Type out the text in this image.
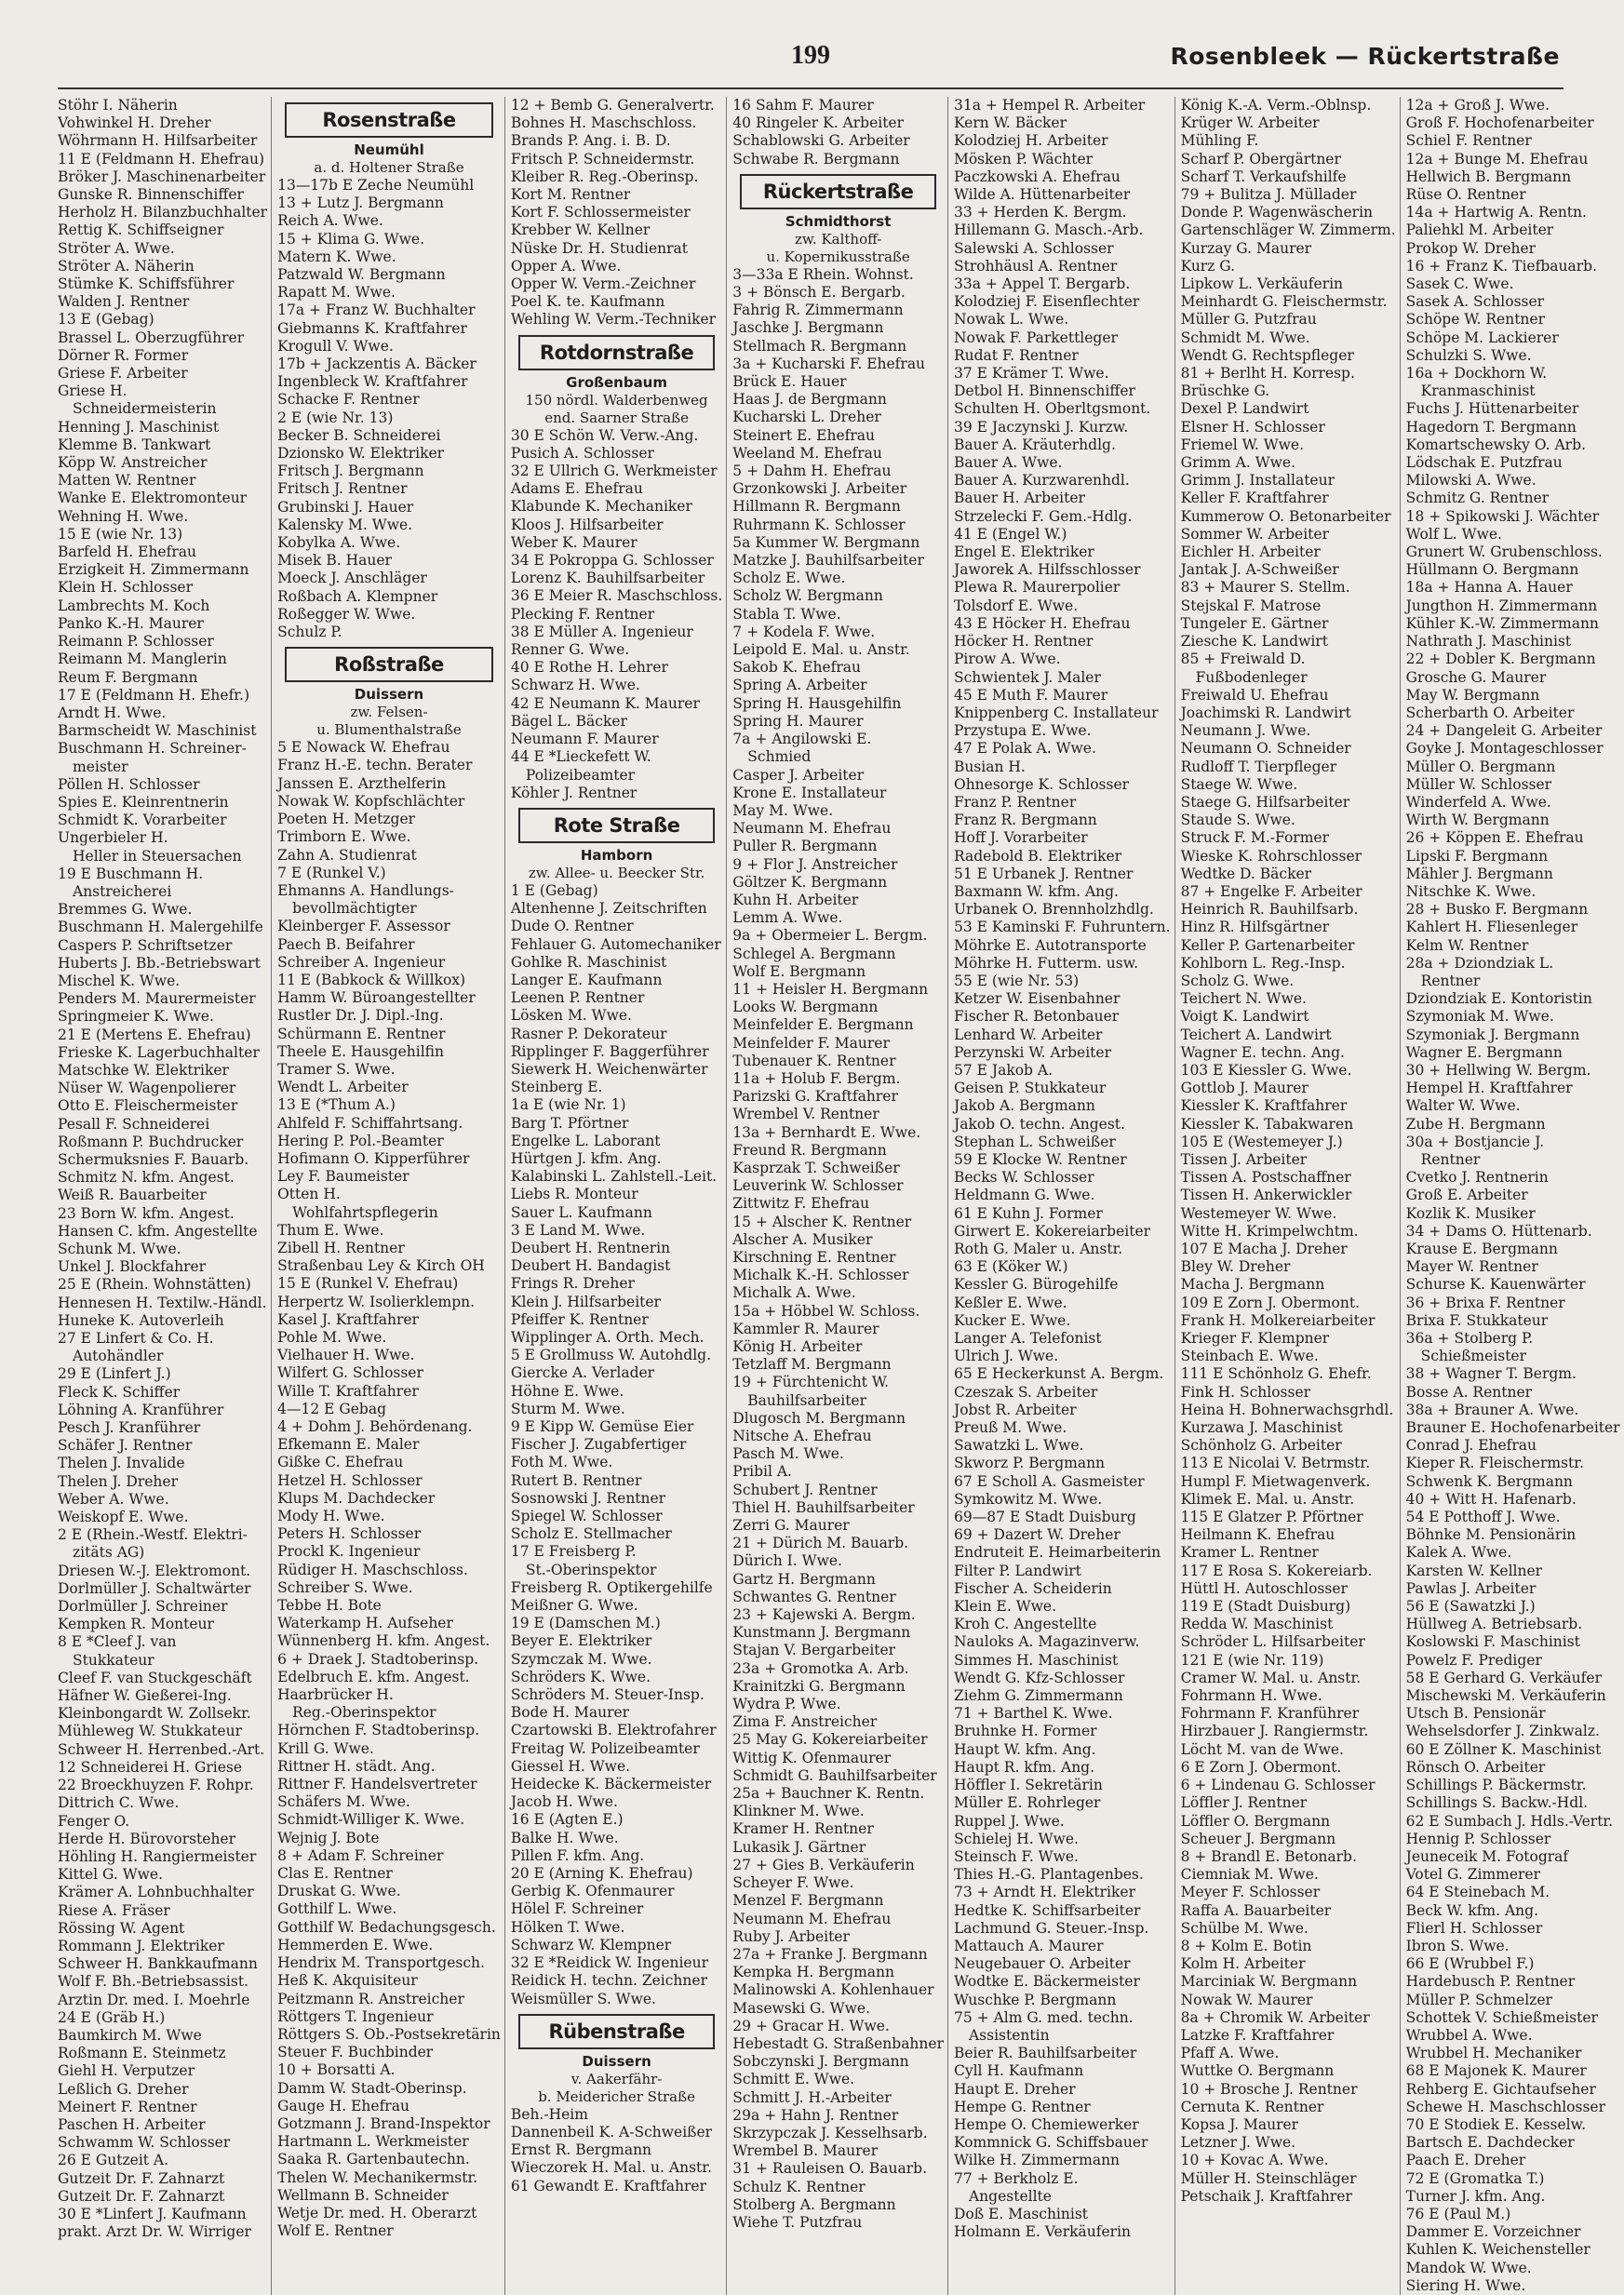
199	Rosenbleek — Rückertstraße
Stöhr I. Näherin
Vohwinkel H. Dreher
Wöhrmann H. Hilfsarbeiter
11 E (Feldmann H. Ehefrau)
Bröker J. Maschinenarbeiter
Gunske R. Binnenschiffer
Herholz H. Bilanzbuchhalter
Rettig K. Schiffseigner
Ströter A. Wwe.
Ströter A. Näherin
Stümke K. Schiffsführer
Walden J. Rentner
13 E (Gebag)
Brassel L. Oberzugführer
Dörner R. Former
Griese F. Arbeiter
Griese H.
Schneidermeisterin
Henning J. Maschinist
Klemme B. Tankwart
Köpp W. Anstreicher
Matten W. Rentner
Wanke E. Elektromonteur
Wehning H. Wwe.
15 E (wie Nr. 13)
Barfeld H. Ehefrau
Erzigkeit H. Zimmermann
Klein H. Schlosser
Lambrechts M. Koch
Panko K.-H. Maurer
Reimann P. Schlosser
Reimann M. Manglerin
Reum F. Bergmann
17 E (Feldmann H. Ehefr.)
Arndt H. Wwe.
Barmscheidt W. Maschinist
Buschmann H. Schreiner-
meister
Pöllen H. Schlosser
Spies E. Kleinrentnerin
Schmidt K. Vorarbeiter
Ungerbieler H.
Heller in Steuersachen
19 E Buschmann H.
Anstreicherei
Bremmes G. Wwe.
Buschmann H. Malergehilfe
Caspers P. Schriftsetzer
Huberts J. Bb.-Betriebswart
Mischel K. Wwe.
Penders M. Maurermeister
Springmeier K. Wwe.
21 E (Mertens E. Ehefrau)
Frieske K. Lagerbuchhalter
Matschke W. Elektriker
Nüser W. Wagenpolierer
Otto E. Fleischermeister
Pesall F. Schneiderei
Roßmann P. Buchdrucker
Schermuksnies F. Bauarb.
Schmitz N. kfm. Angest.
Weiß R. Bauarbeiter
23 Born W. kfm. Angest.
Hansen C. kfm. Angestellte
Schunk M. Wwe.
Unkel J. Blockfahrer
25 E (Rhein. Wohnstätten)
Hennesen H. Textilw.-Händl.
Huneke K. Autoverleih
27 E Linfert & Co. H.
Autohändler
29 E (Linfert J.)
Fleck K. Schiffer
Löhning A. Kranführer
Pesch J. Kranführer
Schäfer J. Rentner
Thelen J. Invalide
Thelen J. Dreher
Weber A. Wwe.
Weiskopf E. Wwe.
2 E (Rhein.-Westf. Elektri-
zitäts AG)
Driesen W.-J. Elektromont.
Dorlmüller J. Schaltwärter
Dorlmüller J. Schreiner
Kempken R. Monteur
8 E *Cleef J. van
Stukkateur
Cleef F. van Stuckgeschäft
Häfner W. Gießerei-Ing.
Kleinbongardt W. Zollsekr.
Mühleweg W. Stukkateur
Schweer H. Herrenbed.-Art.
12 Schneiderei H. Griese
22 Broeckhuyzen F. Rohpr.
Dittrich C. Wwe.
Fenger O.
Herde H. Bürovorsteher
Höhling H. Rangiermeister
Kittel G. Wwe.
Krämer A. Lohnbuchhalter
Riese A. Fräser
Rössing W. Agent
Rommann J. Elektriker
Schweer H. Bankkaufmann
Wolf F. Bh.-Betriebsassist.
Arztin Dr. med. I. Moehrle
24 E (Gräb H.)
Baumkirch M. Wwe
Roßmann E. Steinmetz
Giehl H. Verputzer
Leßlich G. Dreher
Meinert F. Rentner
Paschen H. Arbeiter
Schwamm W. Schlosser
26 E Gutzeit A.
Gutzeit Dr. F. Zahnarzt
Gutzeit Dr. F. Zahnarzt
30 E *Linfert J. Kaufmann
prakt. Arzt Dr. W. Wirriger
Rosenstraße
Neumühl
a. d. Holtener Straße
13—17b E Zeche Neumühl
13 + Lutz J. Bergmann
Reich A. Wwe.
15 + Klima G. Wwe.
Matern K. Wwe.
Patzwald W. Bergmann
Rapatt M. Wwe.
17a + Franz W. Buchhalter
Giebmanns K. Kraftfahrer
Krogull V. Wwe.
17b + Jackzentis A. Bäcker
Ingenbleck W. Kraftfahrer
Schacke F. Rentner
2 E (wie Nr. 13)
Becker B. Schneiderei
Dzionsko W. Elektriker
Fritsch J. Bergmann
Fritsch J. Rentner
Grubinski J. Hauer
Kalensky M. Wwe.
Kobylka A. Wwe.
Misek B. Hauer
Moeck J. Anschläger
Roßbach A. Klempner
Roßegger W. Wwe.
Schulz P.
Roßstraße
Duissern
zw. Felsen-
u. Blumenthalstraße
5 E Nowack W. Ehefrau
Franz H.-E. techn. Berater
Janssen E. Arzthelferin
Nowak W. Kopfschlächter
Poeten H. Metzger
Trimborn E. Wwe.
Zahn A. Studienrat
7 E (Runkel V.)
Ehmanns A. Handlungs-
bevollmächtigter
Kleinberger F. Assessor
Paech B. Beifahrer
Schreiber A. Ingenieur
11 E (Babkock & Willkox)
Hamm W. Büroangestellter
Rustler Dr. J. Dipl.-Ing.
Schürmann E. Rentner
Theele E. Hausgehilfin
Tramer S. Wwe.
Wendt L. Arbeiter
13 E (*Thum A.)
Ahlfeld F. Schiffahrtsang.
Hering P. Pol.-Beamter
Hofimann O. Kipperführer
Ley F. Baumeister
Otten H.
Wohlfahrtspflegerin
Thum E. Wwe.
Zibell H. Rentner
Straßenbau Ley & Kirch OH
15 E (Runkel V. Ehefrau)
Herpertz W. Isolierklempn.
Kasel J. Kraftfahrer
Pohle M. Wwe.
Vielhauer H. Wwe.
Wilfert G. Schlosser
Wille T. Kraftfahrer
4—12 E Gebag
4 + Dohm J. Behördenang.
Efkemann E. Maler
Gißke C. Ehefrau
Hetzel H. Schlosser
Klups M. Dachdecker
Mody H. Wwe.
Peters H. Schlosser
Prockl K. Ingenieur
Rüdiger H. Maschschloss.
Schreiber S. Wwe.
Tebbe H. Bote
Waterkamp H. Aufseher
Wünnenberg H. kfm. Angest.
6 + Draek J. Stadtoberinsp.
Edelbruch E. kfm. Angest.
Haarbrücker H.
Reg.-Oberinspektor
Hörnchen F. Stadtoberinsp.
Krill G. Wwe.
Rittner H. städt. Ang.
Rittner F. Handelsvertreter
Schäfers M. Wwe.
Schmidt-Williger K. Wwe.
Wejnig J. Bote
8 + Adam F. Schreiner
Clas E. Rentner
Druskat G. Wwe.
Gotthilf L. Wwe.
Gotthilf W. Bedachungsgesch.
Hemmerden E. Wwe.
Hendrix M. Transportgesch.
Heß K. Akquisiteur
Peitzmann R. Anstreicher
Röttgers T. Ingenieur
Röttgers S. Ob.-Postsekretärin
Steuer F. Buchbinder
10 + Borsatti A.
Damm W. Stadt-Oberinsp.
Gauge H. Ehefrau
Gotzmann J. Brand-Inspektor
Hartmann L. Werkmeister
Saaka R. Gartenbautechn.
Thelen W. Mechanikermstr.
Wellmann B. Schneider
Wetje Dr. med. H. Oberarzt
Wolf E. Rentner
12 + Bemb G. Generalvertr.
Bohnes H. Maschschloss.
Brands P. Ang. i. B. D.
Fritsch P. Schneidermstr.
Kleiber R. Reg.-Oberinsp.
Kort M. Rentner
Kort F. Schlossermeister
Krebber W. Kellner
Nüske Dr. H. Studienrat
Opper A. Wwe.
Opper W. Verm.-Zeichner
Poel K. te. Kaufmann
Wehling W. Verm.-Techniker
Rotdornstraße
Großenbaum
150 nördl. Walderbenweg
end. Saarner Straße
30 E Schön W. Verw.-Ang.
Pusich A. Schlosser
32 E Ullrich G. Werkmeister
Adams E. Ehefrau
Klabunde K. Mechaniker
Kloos J. Hilfsarbeiter
Weber K. Maurer
34 E Pokroppa G. Schlosser
Lorenz K. Bauhilfsarbeiter
36 E Meier R. Maschschloss.
Plecking F. Rentner
38 E Müller A. Ingenieur
Renner G. Wwe.
40 E Rothe H. Lehrer
Schwarz H. Wwe.
42 E Neumann K. Maurer
Bägel L. Bäcker
Neumann F. Maurer
44 E *Lieckefett W.
Polizeibeamter
Köhler J. Rentner
Rote Straße
Hamborn
zw. Allee- u. Beecker Str.
1 E (Gebag)
Altenhenne J. Zeitschriften
Dude O. Rentner
Fehlauer G. Automechaniker
Gohlke R. Maschinist
Langer E. Kaufmann
Leenen P. Rentner
Lösken M. Wwe.
Rasner P. Dekorateur
Ripplinger F. Baggerführer
Siewerk H. Weichenwärter
Steinberg E.
1a E (wie Nr. 1)
Barg T. Pförtner
Engelke L. Laborant
Hürtgen J. kfm. Ang.
Kalabinski L. Zahlstell.-Leit.
Liebs R. Monteur
Sauer L. Kaufmann
3 E Land M. Wwe.
Deubert H. Rentnerin
Deubert H. Bandagist
Frings R. Dreher
Klein J. Hilfsarbeiter
Pfeiffer K. Rentner
Wipplinger A. Orth. Mech.
5 E Grollmuss W. Autohdlg.
Giercke A. Verlader
Höhne E. Wwe.
Sturm M. Wwe.
9 E Kipp W. Gemüse Eier
Fischer J. Zugabfertiger
Foth M. Wwe.
Rutert B. Rentner
Sosnowski J. Rentner
Spiegel W. Schlosser
Scholz E. Stellmacher
17 E Freisberg P.
St.-Oberinspektor
Freisberg R. Optikergehilfe
Meißner G. Wwe.
19 E (Damschen M.)
Beyer E. Elektriker
Szymczak M. Wwe.
Schröders K. Wwe.
Schröders M. Steuer-Insp.
Bode H. Maurer
Czartowski B. Elektrofahrer
Freitag W. Polizeibeamter
Giessel H. Wwe.
Heidecke K. Bäckermeister
Jacob H. Wwe.
16 E (Agten E.)
Balke H. Wwe.
Pillen F. kfm. Ang.
20 E (Arning K. Ehefrau)
Gerbig K. Ofenmaurer
Hölel F. Schreiner
Hölken T. Wwe.
Schwarz W. Klempner
32 E *Reidick W. Ingenieur
Reidick H. techn. Zeichner
Weismüller S. Wwe.
Rübenstraße
Duissern
v. Aakerfähr-
b. Meidericher Straße
Beh.-Heim
Dannenbeil K. A-Schweißer
Ernst R. Bergmann
Wieczorek H. Mal. u. Anstr.
61 Gewandt E. Kraftfahrer
16 Sahm F. Maurer
40 Ringeler K. Arbeiter
Schablowski G. Arbeiter
Schwabe R. Bergmann
Rückertstraße
Schmidthorst
zw. Kalthoff-
u. Kopernikusstraße
3—33a E Rhein. Wohnst.
3 + Bönsch E. Bergarb.
Fahrig R. Zimmermann
Jaschke J. Bergmann
Stellmach R. Bergmann
3a + Kucharski F. Ehefrau
Brück E. Hauer
Haas J. de Bergmann
Kucharski L. Dreher
Steinert E. Ehefrau
Weeland M. Ehefrau
5 + Dahm H. Ehefrau
Grzonkowski J. Arbeiter
Hillmann R. Bergmann
Ruhrmann K. Schlosser
5a Kummer W. Bergmann
Matzke J. Bauhilfsarbeiter
Scholz E. Wwe.
Scholz W. Bergmann
Stabla T. Wwe.
7 + Kodela F. Wwe.
Leipold E. Mal. u. Anstr.
Sakob K. Ehefrau
Spring A. Arbeiter
Spring H. Hausgehilfin
Spring H. Maurer
7a + Angilowski E.
Schmied
Casper J. Arbeiter
Krone E. Installateur
May M. Wwe.
Neumann M. Ehefrau
Puller R. Bergmann
9 + Flor J. Anstreicher
Göltzer K. Bergmann
Kuhn H. Arbeiter
Lemm A. Wwe.
9a + Obermeier L. Bergm.
Schlegel A. Bergmann
Wolf E. Bergmann
11 + Heisler H. Bergmann
Looks W. Bergmann
Meinfelder E. Bergmann
Meinfelder F. Maurer
Tubenauer K. Rentner
11a + Holub F. Bergm.
Parizski G. Kraftfahrer
Wrembel V. Rentner
13a + Bernhardt E. Wwe.
Freund R. Bergmann
Kasprzak T. Schweißer
Leuverink W. Schlosser
Zittwitz F. Ehefrau
15 + Alscher K. Rentner
Alscher A. Musiker
Kirschning E. Rentner
Michalk K.-H. Schlosser
Michalk A. Wwe.
15a + Höbbel W. Schloss.
Kammler R. Maurer
König H. Arbeiter
Tetzlaff M. Bergmann
19 + Fürchtenicht W.
Bauhilfsarbeiter
Dlugosch M. Bergmann
Nitsche A. Ehefrau
Pasch M. Wwe.
Pribil A.
Schubert J. Rentner
Thiel H. Bauhilfsarbeiter
Zerri G. Maurer
21 + Dürich M. Bauarb.
Dürich I. Wwe.
Gartz H. Bergmann
Schwantes G. Rentner
23 + Kajewski A. Bergm.
Kunstmann J. Bergmann
Stajan V. Bergarbeiter
23a + Gromotka A. Arb.
Krainitzki G. Bergmann
Wydra P. Wwe.
Zima F. Anstreicher
25 May G. Kokereiarbeiter
Wittig K. Ofenmaurer
Schmidt G. Bauhilfsarbeiter
25a + Bauchner K. Rentn.
Klinkner M. Wwe.
Kramer H. Rentner
Lukasik J. Gärtner
27 + Gies B. Verkäuferin
Scheyer F. Wwe.
Menzel F. Bergmann
Neumann M. Ehefrau
Ruby J. Arbeiter
27a + Franke J. Bergmann
Kempka H. Bergmann
Malinowski A. Kohlenhauer
Masewski G. Wwe.
29 + Gracar H. Wwe.
Hebestadt G. Straßenbahner
Sobczynski J. Bergmann
Schmitt E. Wwe.
Schmitt J. H.-Arbeiter
29a + Hahn J. Rentner
Skrzypczak J. Kesselhsarb.
Wrembel B. Maurer
31 + Rauleisen O. Bauarb.
Schulz K. Rentner
Stolberg A. Bergmann
Wiehe T. Putzfrau
31a + Hempel R. Arbeiter
Kern W. Bäcker
Kolodziej H. Arbeiter
Mösken P. Wächter
Paczkowski A. Ehefrau
Wilde A. Hüttenarbeiter
33 + Herden K. Bergm.
Hillemann G. Masch.-Arb.
Salewski A. Schlosser
Strohhäusl A. Rentner
33a + Appel T. Bergarb.
Kolodziej F. Eisenflechter
Nowak L. Wwe.
Nowak F. Parkettleger
Rudat F. Rentner
37 E Krämer T. Wwe.
Detbol H. Binnenschiffer
Schulten H. Oberltgsmont.
39 E Jaczynski J. Kurzw.
Bauer A. Kräuterhdlg.
Bauer A. Wwe.
Bauer A. Kurzwarenhdl.
Bauer H. Arbeiter
Strzelecki F. Gem.-Hdlg.
41 E (Engel W.)
Engel E. Elektriker
Jaworek A. Hilfsschlosser
Plewa R. Maurerpolier
Tolsdorf E. Wwe.
43 E Höcker H. Ehefrau
Höcker H. Rentner
Pirow A. Wwe.
Schwientek J. Maler
45 E Muth F. Maurer
Knippenberg C. Installateur
Przystupa E. Wwe.
47 E Polak A. Wwe.
Busian H.
Ohnesorge K. Schlosser
Franz P. Rentner
Franz R. Bergmann
Hoff J. Vorarbeiter
Radebold B. Elektriker
51 E Urbanek J. Rentner
Baxmann W. kfm. Ang.
Urbanek O. Brennholzhdlg.
53 E Kaminski F. Fuhruntern.
Möhrke E. Autotransporte
Möhrke H. Futterm. usw.
55 E (wie Nr. 53)
Ketzer W. Eisenbahner
Fischer R. Betonbauer
Lenhard W. Arbeiter
Perzynski W. Arbeiter
57 E Jakob A.
Geisen P. Stukkateur
Jakob A. Bergmann
Jakob O. techn. Angest.
Stephan L. Schweißer
59 E Klocke W. Rentner
Becks W. Schlosser
Heldmann G. Wwe.
61 E Kuhn J. Former
Girwert E. Kokereiarbeiter
Roth G. Maler u. Anstr.
63 E (Köker W.)
Kessler G. Bürogehilfe
Keßler E. Wwe.
Kucker E. Wwe.
Langer A. Telefonist
Ulrich J. Wwe.
65 E Heckerkunst A. Bergm.
Czeszak S. Arbeiter
Jobst R. Arbeiter
Preuß M. Wwe.
Sawatzki L. Wwe.
Skworz P. Bergmann
67 E Scholl A. Gasmeister
Symkowitz M. Wwe.
69—87 E Stadt Duisburg
69 + Dazert W. Dreher
Endruteit E. Heimarbeiterin
Filter P. Landwirt
Fischer A. Scheiderin
Klein E. Wwe.
Kroh C. Angestellte
Nauloks A. Magazinverw.
Simmes H. Maschinist
Wendt G. Kfz-Schlosser
Ziehm G. Zimmermann
71 + Barthel K. Wwe.
Bruhnke H. Former
Haupt W. kfm. Ang.
Haupt R. kfm. Ang.
Höffler I. Sekretärin
Müller E. Rohrleger
Ruppel J. Wwe.
Schielej H. Wwe.
Steinsch F. Wwe.
Thies H.-G. Plantagenbes.
73 + Arndt H. Elektriker
Hedtke K. Schiffsarbeiter
Lachmund G. Steuer.-Insp.
Mattauch A. Maurer
Neugebauer O. Arbeiter
Wodtke E. Bäckermeister
Wuschke P. Bergmann
75 + Alm G. med. techn.
Assistentin
Beier R. Bauhilfsarbeiter
Cyll H. Kaufmann
Haupt E. Dreher
Hempe G. Rentner
Hempe O. Chemiewerker
Kommnick G. Schiffsbauer
Wilke H. Zimmermann
77 + Berkholz E.
Angestellte
Doß E. Maschinist
Holmann E. Verkäuferin
König K.-A. Verm.-Oblnsp.
Krüger W. Arbeiter
Mühling F.
Scharf P. Obergärtner
Scharf T. Verkaufshilfe
79 + Bulitza J. Müllader
Donde P. Wagenwäscherin
Gartenschläger W. Zimmerm.
Kurzay G. Maurer
Kurz G.
Lipkow L. Verkäuferin
Meinhardt G. Fleischermstr.
Müller G. Putzfrau
Schmidt M. Wwe.
Wendt G. Rechtspfleger
81 + Berlht H. Korresp.
Brüschke G.
Dexel P. Landwirt
Elsner H. Schlosser
Friemel W. Wwe.
Grimm A. Wwe.
Grimm J. Installateur
Keller F. Kraftfahrer
Kummerow O. Betonarbeiter
Sommer W. Arbeiter
Eichler H. Arbeiter
Jantak J. A-Schweißer
83 + Maurer S. Stellm.
Stejskal F. Matrose
Tungeler E. Gärtner
Ziesche K. Landwirt
85 + Freiwald D.
Fußbodenleger
Freiwald U. Ehefrau
Joachimski R. Landwirt
Neumann J. Wwe.
Neumann O. Schneider
Rudloff T. Tierpfleger
Staege W. Wwe.
Staege G. Hilfsarbeiter
Staude S. Wwe.
Struck F. M.-Former
Wieske K. Rohrschlosser
Wedtke D. Bäcker
87 + Engelke F. Arbeiter
Heinrich R. Bauhilfsarb.
Hinz R. Hilfsgärtner
Keller P. Gartenarbeiter
Kohlborn L. Reg.-Insp.
Scholz G. Wwe.
Teichert N. Wwe.
Voigt K. Landwirt
Teichert A. Landwirt
Wagner E. techn. Ang.
103 E Kiessler G. Wwe.
Gottlob J. Maurer
Kiessler K. Kraftfahrer
Kiessler K. Tabakwaren
105 E (Westemeyer J.)
Tissen J. Arbeiter
Tissen A. Postschaffner
Tissen H. Ankerwickler
Westemeyer W. Wwe.
Witte H. Krimpelwchtm.
107 E Macha J. Dreher
Bley W. Dreher
Macha J. Bergmann
109 E Zorn J. Obermont.
Frank H. Molkereiarbeiter
Krieger F. Klempner
Steinbach E. Wwe.
111 E Schönholz G. Ehefr.
Fink H. Schlosser
Heina H. Bohnerwachsgrhdl.
Kurzawa J. Maschinist
Schönholz G. Arbeiter
113 E Nicolai V. Betrmstr.
Humpl F. Mietwagenverk.
Klimek E. Mal. u. Anstr.
115 E Glatzer P. Pförtner
Heilmann K. Ehefrau
Kramer L. Rentner
117 E Rosa S. Kokereiarb.
Hüttl H. Autoschlosser
119 E (Stadt Duisburg)
Redda W. Maschinist
Schröder L. Hilfsarbeiter
121 E (wie Nr. 119)
Cramer W. Mal. u. Anstr.
Fohrmann H. Wwe.
Fohrmann F. Kranführer
Hirzbauer J. Rangiermstr.
Löcht M. van de Wwe.
6 E Zorn J. Obermont.
6 + Lindenau G. Schlosser
Löffler J. Rentner
Löffler O. Bergmann
Scheuer J. Bergmann
8 + Brandl E. Betonarb.
Ciemniak M. Wwe.
Meyer F. Schlosser
Raffa A. Bauarbeiter
Schülbe M. Wwe.
8 + Kolm E. Botin
Kolm H. Arbeiter
Marciniak W. Bergmann
Nowak W. Maurer
8a + Chromik W. Arbeiter
Latzke F. Kraftfahrer
Pfaff A. Wwe.
Wuttke O. Bergmann
10 + Brosche J. Rentner
Cernuta K. Rentner
Kopsa J. Maurer
Letzner J. Wwe.
10 + Kovac A. Wwe.
Müller H. Steinschläger
Petschaik J. Kraftfahrer
12a + Groß J. Wwe.
Groß F. Hochofenarbeiter
Schiel F. Rentner
12a + Bunge M. Ehefrau
Hellwich B. Bergmann
Rüse O. Rentner
14a + Hartwig A. Rentn.
Paliehkl M. Arbeiter
Prokop W. Dreher
16 + Franz K. Tiefbauarb.
Sasek C. Wwe.
Sasek A. Schlosser
Schöpe W. Rentner
Schöpe M. Lackierer
Schulzki S. Wwe.
16a + Dockhorn W.
Kranmaschinist
Fuchs J. Hüttenarbeiter
Hagedorn T. Bergmann
Komartschewsky O. Arb.
Lödschak E. Putzfrau
Milowski A. Wwe.
Schmitz G. Rentner
18 + Spikowski J. Wächter
Wolf L. Wwe.
Grunert W. Grubenschloss.
Hüllmann O. Bergmann
18a + Hanna A. Hauer
Jungthon H. Zimmermann
Kühler K.-W. Zimmermann
Nathrath J. Maschinist
22 + Dobler K. Bergmann
Grosche G. Maurer
May W. Bergmann
Scherbarth O. Arbeiter
24 + Dangeleit G. Arbeiter
Goyke J. Montageschlosser
Müller O. Bergmann
Müller W. Schlosser
Winderfeld A. Wwe.
Wirth W. Bergmann
26 + Köppen E. Ehefrau
Lipski F. Bergmann
Mähler J. Bergmann
Nitschke K. Wwe.
28 + Busko F. Bergmann
Kahlert H. Fliesenleger
Kelm W. Rentner
28a + Dziondziak L.
Rentner
Dziondziak E. Kontoristin
Szymoniak M. Wwe.
Szymoniak J. Bergmann
Wagner E. Bergmann
30 + Hellwing W. Bergm.
Hempel H. Kraftfahrer
Walter W. Wwe.
Zube H. Bergmann
30a + Bostjancie J.
Rentner
Cvetko J. Rentnerin
Groß E. Arbeiter
Kozlik K. Musiker
34 + Dams O. Hüttenarb.
Krause E. Bergmann
Mayer W. Rentner
Schurse K. Kauenwärter
36 + Brixa F. Rentner
Brixa F. Stukkateur
36a + Stolberg P.
Schießmeister
38 + Wagner T. Bergm.
Bosse A. Rentner
38a + Brauner A. Wwe.
Brauner E. Hochofenarbeiter
Conrad J. Ehefrau
Kieper R. Fleischermstr.
Schwenk K. Bergmann
40 + Witt H. Hafenarb.
54 E Potthoff J. Wwe.
Böhnke M. Pensionärin
Kalek A. Wwe.
Karsten W. Kellner
Pawlas J. Arbeiter
56 E (Sawatzki J.)
Hüllweg A. Betriebsarb.
Koslowski F. Maschinist
Powelz F. Prediger
58 E Gerhard G. Verkäufer
Mischewski M. Verkäuferin
Utsch B. Pensionär
Wehselsdorfer J. Zinkwalz.
60 E Zöllner K. Maschinist
Rönsch O. Arbeiter
Schillings P. Bäckermstr.
Schillings S. Backw.-Hdl.
62 E Sumbach J. Hdls.-Vertr.
Hennig P. Schlosser
Jeuneceik M. Fotograf
Votel G. Zimmerer
64 E Steinebach M.
Beck W. kfm. Ang.
Flierl H. Schlosser
Ibron S. Wwe.
66 E (Wrubbel F.)
Hardebusch P. Rentner
Müller P. Schmelzer
Schottek V. Schießmeister
Wrubbel A. Wwe.
Wrubbel H. Mechaniker
68 E Majonek K. Maurer
Rehberg E. Gichtaufseher
Schewe H. Maschschlosser
70 E Stodiek E. Kesselw.
Bartsch E. Dachdecker
Paach E. Dreher
72 E (Gromatka T.)
Turner J. kfm. Ang.
76 E (Paul M.)
Dammer E. Vorzeichner
Kuhlen K. Weichensteller
Mandok W. Wwe.
Siering H. Wwe.
